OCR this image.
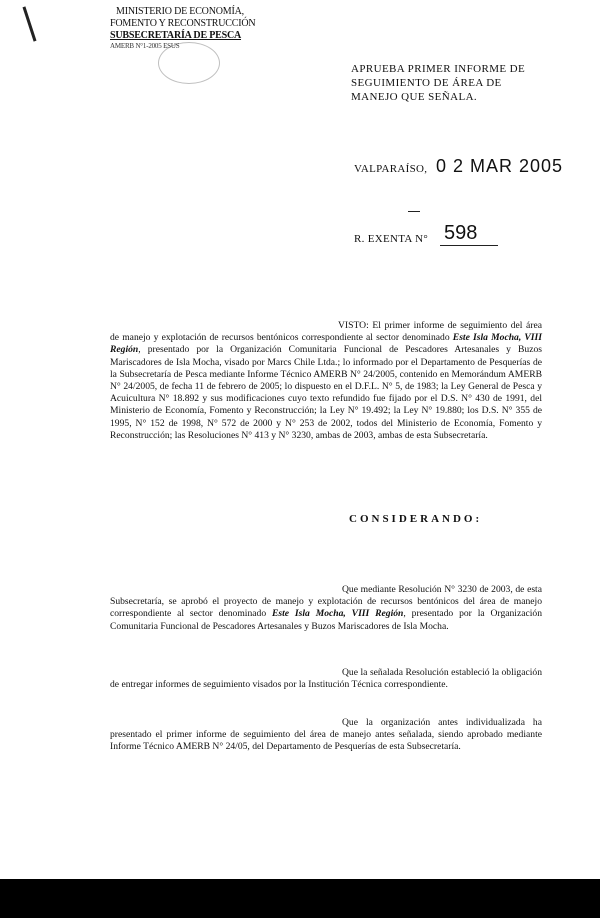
MINISTERIO DE ECONOMÍA,
FOMENTO Y RECONSTRUCCIÓN
SUBSECRETARÍA DE PESCA
AMERB N°1-2005 ESUS
APRUEBA PRIMER INFORME DE SEGUIMIENTO DE ÁREA DE MANEJO QUE SEÑALA.
VALPARAÍSO, 0 2 MAR 2005
R. EXENTA N° 598
VISTO: El primer informe de seguimiento del área de manejo y explotación de recursos bentónicos correspondiente al sector denominado Este Isla Mocha, VIII Región, presentado por la Organización Comunitaria Funcional de Pescadores Artesanales y Buzos Mariscadores de Isla Mocha, visado por Marcs Chile Ltda.; lo informado por el Departamento de Pesquerías de la Subsecretaría de Pesca mediante Informe Técnico AMERB N° 24/2005, contenido en Memorándum AMERB N° 24/2005, de fecha 11 de febrero de 2005; lo dispuesto en el D.F.L. N° 5, de 1983; la Ley General de Pesca y Acuicultura N° 18.892 y sus modificaciones cuyo texto refundido fue fijado por el D.S. N° 430 de 1991, del Ministerio de Economía, Fomento y Reconstrucción; la Ley N° 19.492; la Ley N° 19.880; los D.S. N° 355 de 1995, N° 152 de 1998, N° 572 de 2000 y N° 253 de 2002, todos del Ministerio de Economía, Fomento y Reconstrucción; las Resoluciones N° 413 y N° 3230, ambas de 2003, ambas de esta Subsecretaría.
CONSIDERANDO:
Que mediante Resolución N° 3230 de 2003, de esta Subsecretaría, se aprobó el proyecto de manejo y explotación de recursos bentónicos del área de manejo correspondiente al sector denominado Este Isla Mocha, VIII Región, presentado por la Organización Comunitaria Funcional de Pescadores Artesanales y Buzos Mariscadores de Isla Mocha.
Que la señalada Resolución estableció la obligación de entregar informes de seguimiento visados por la Institución Técnica correspondiente.
Que la organización antes individualizada ha presentado el primer informe de seguimiento del área de manejo antes señalada, siendo aprobado mediante Informe Técnico AMERB N° 24/05, del Departamento de Pesquerías de esta Subsecretaría.
